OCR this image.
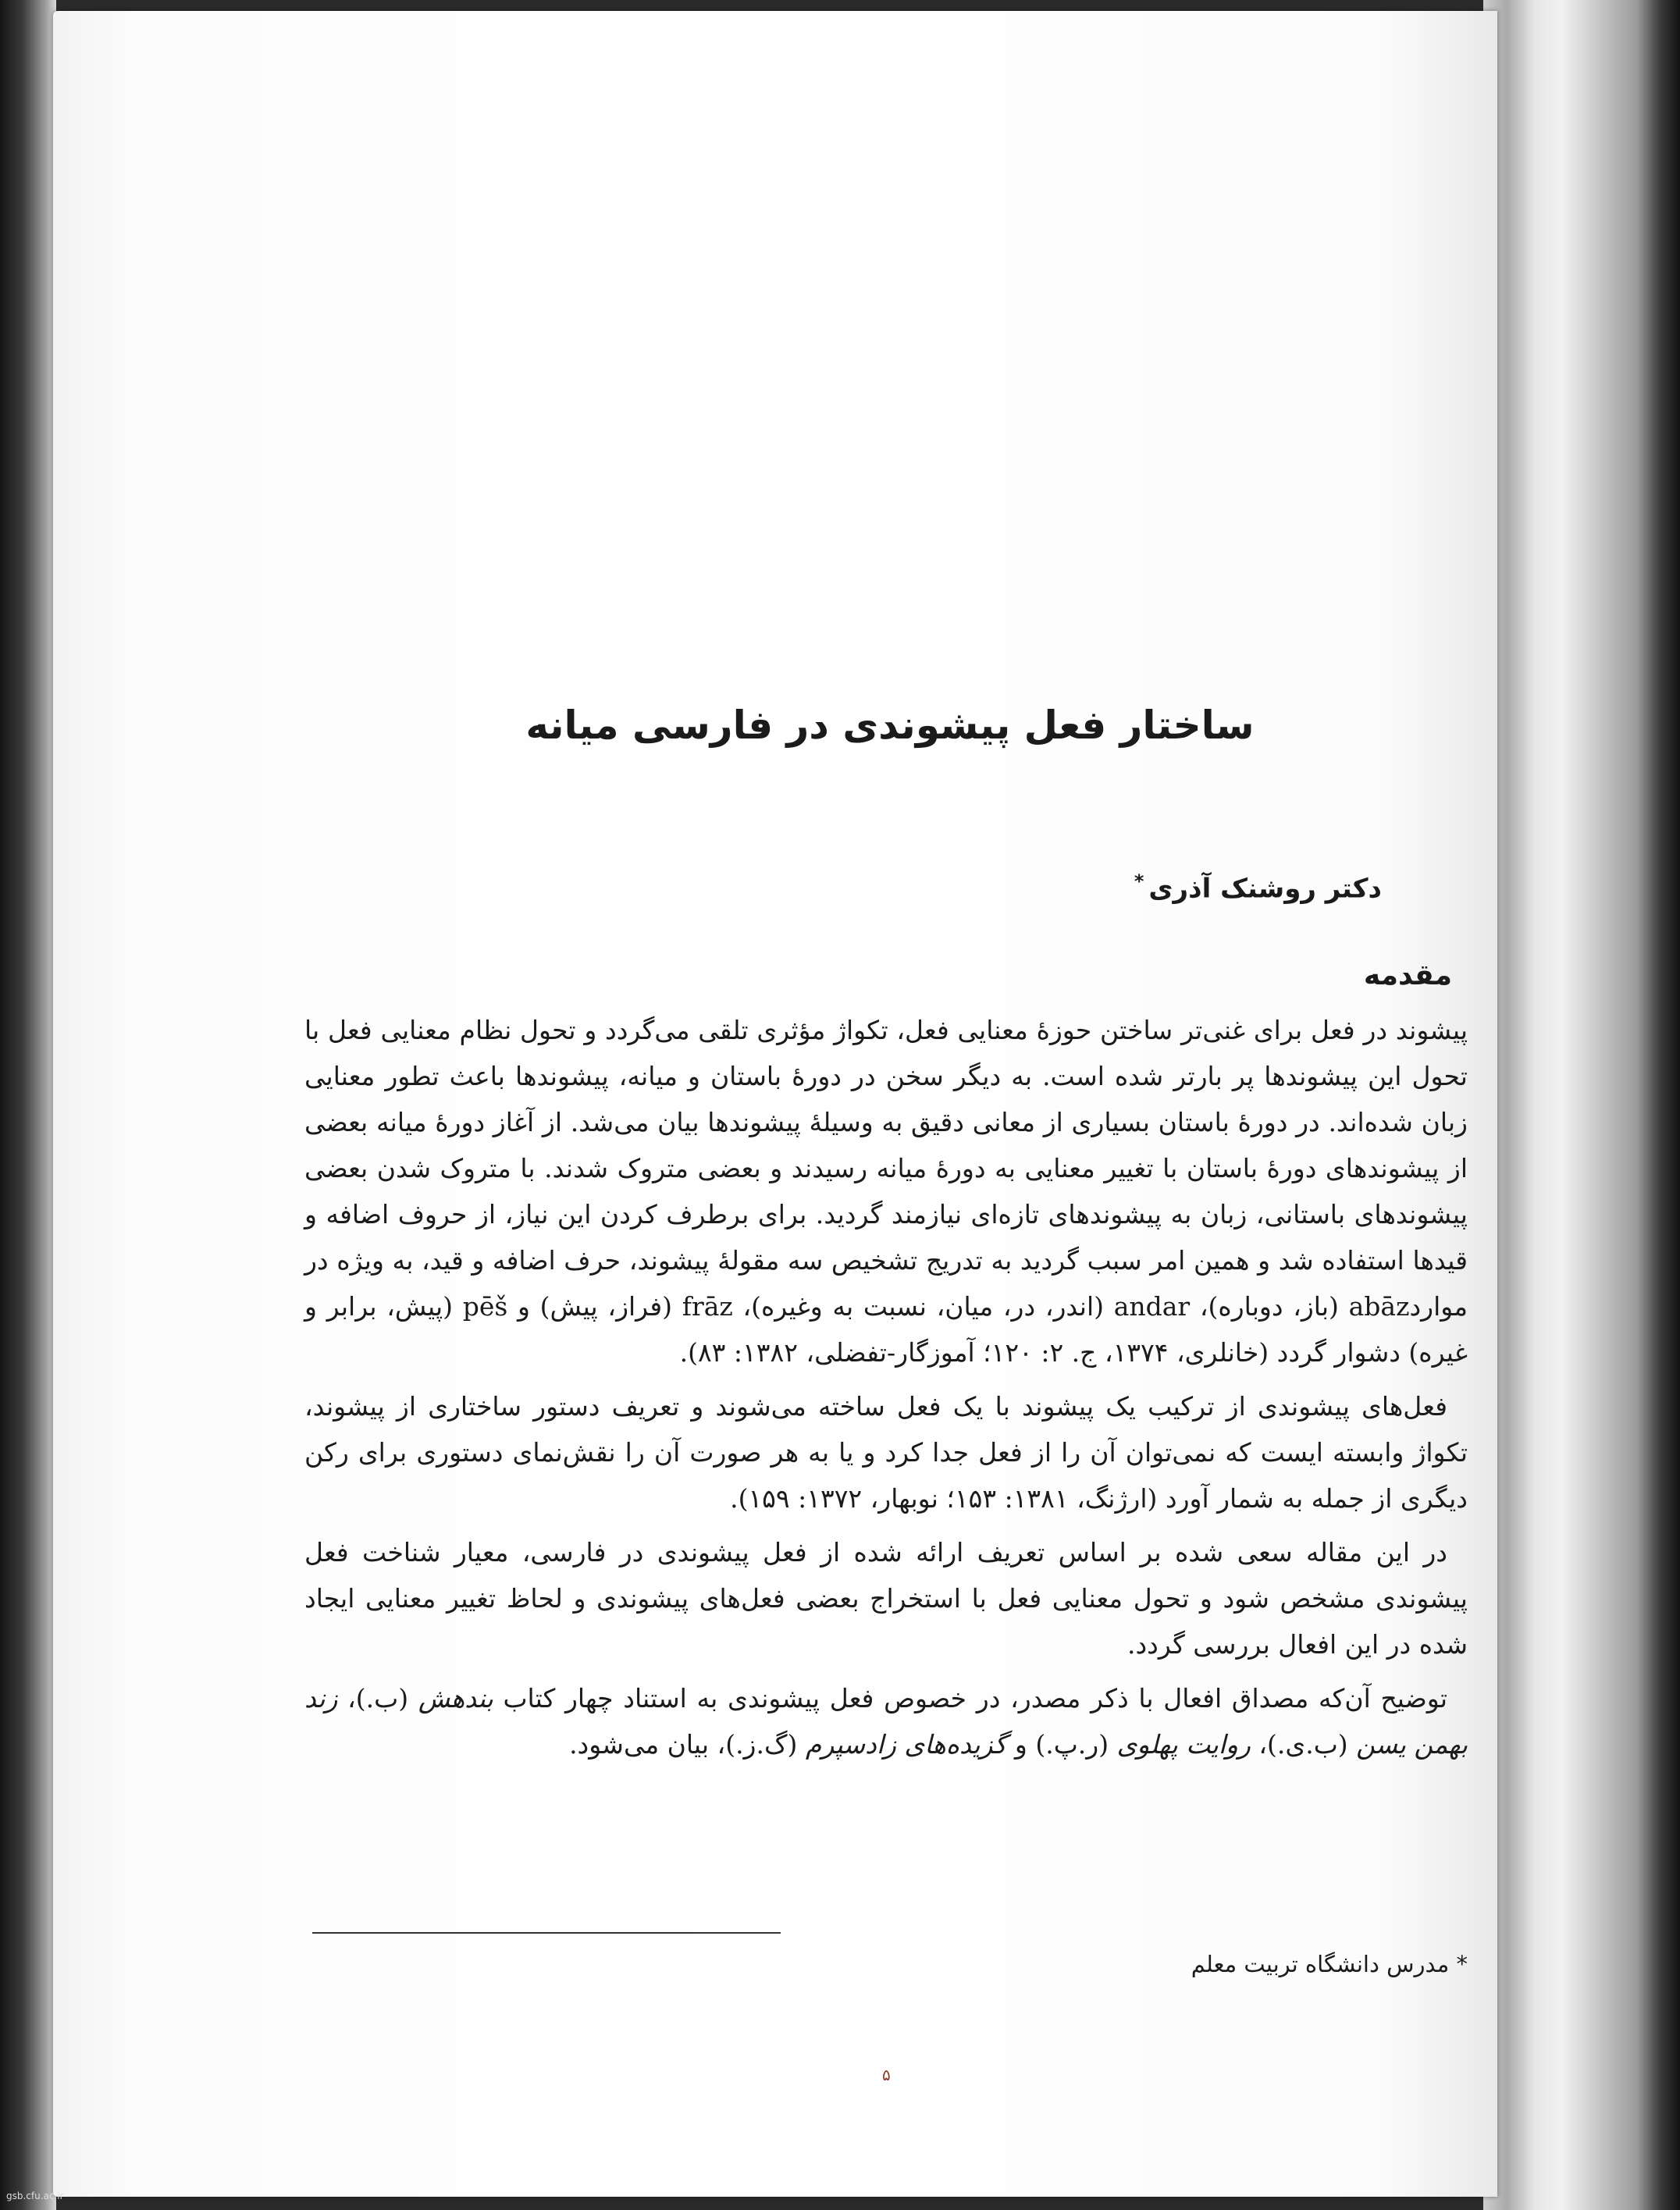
ساختار فعل پیشوندی در فارسی میانه
دکتر روشنک آذری*
مقدمه

پیشوند در فعل برای غنی‌تر ساختن حوزهٔ معنایی فعل، تکواژ مؤثری تلقی می‌گردد و تحول نظام معنایی فعل با تحول این پیشوندها پر بارتر شده است. به دیگر سخن در دورهٔ باستان و میانه، پیشوندها باعث تطور معنایی زبان شده‌اند. در دورهٔ باستان بسیاری از معانی دقیق به وسیلهٔ پیشوندها بیان می‌شد. از آغاز دورهٔ میانه بعضی از پیشوندهای دورهٔ باستان با تغییر معنایی به دورهٔ میانه رسیدند و بعضی متروک شدند. با متروک شدن بعضی پیشوندهای باستانی، زبان به پیشوندهای تازه‌ای نیازمند گردید. برای برطرف کردن این نیاز، از حروف اضافه و قیدها استفاده شد و همین امر سبب گردید به تدریج تشخیص سه مقولهٔ پیشوند، حرف اضافه و قید، به ویژه در مواردabāz (باز، دوباره)، andar (اندر، در، میان، نسبت به وغیره)، frāz (فراز، پیش) و pēš (پیش، برابر و غیره) دشوار گردد (خانلری، ۱۳۷۴، ج. ۲: ۱۲۰؛ آموزگار-تفضلی، ۱۳۸۲: ۸۳).

فعل‌های پیشوندی از ترکیب یک پیشوند با یک فعل ساخته می‌شوند و تعریف دستور ساختاری از پیشوند، تکواژ وابسته ایست که نمی‌توان آن را از فعل جدا کرد و یا به هر صورت آن را نقش‌نمای دستوری برای رکن دیگری از جمله به شمار آورد (ارژنگ، ۱۳۸۱: ۱۵۳؛ نوبهار، ۱۳۷۲: ۱۵۹).

در این مقاله سعی شده بر اساس تعریف ارائه شده از فعل پیشوندی در فارسی، معیار شناخت فعل پیشوندی مشخص شود و تحول معنایی فعل با استخراج بعضی فعل‌های پیشوندی و لحاظ تغییر معنایی ایجاد شده در این افعال بررسی گردد.

توضیح آن‌که مصداق افعال با ذکر مصدر، در خصوص فعل پیشوندی به استناد چهار کتاب بندهش (ب.)، زند بهمن یسن (ب.ی.)، روایت پهلوی (ر.پ.) و گزیده‌های زادسپرم (گ.ز.)، بیان می‌شود.

* مدرس دانشگاه تربیت معلم
۵
gsb.cfu.ac.ir
